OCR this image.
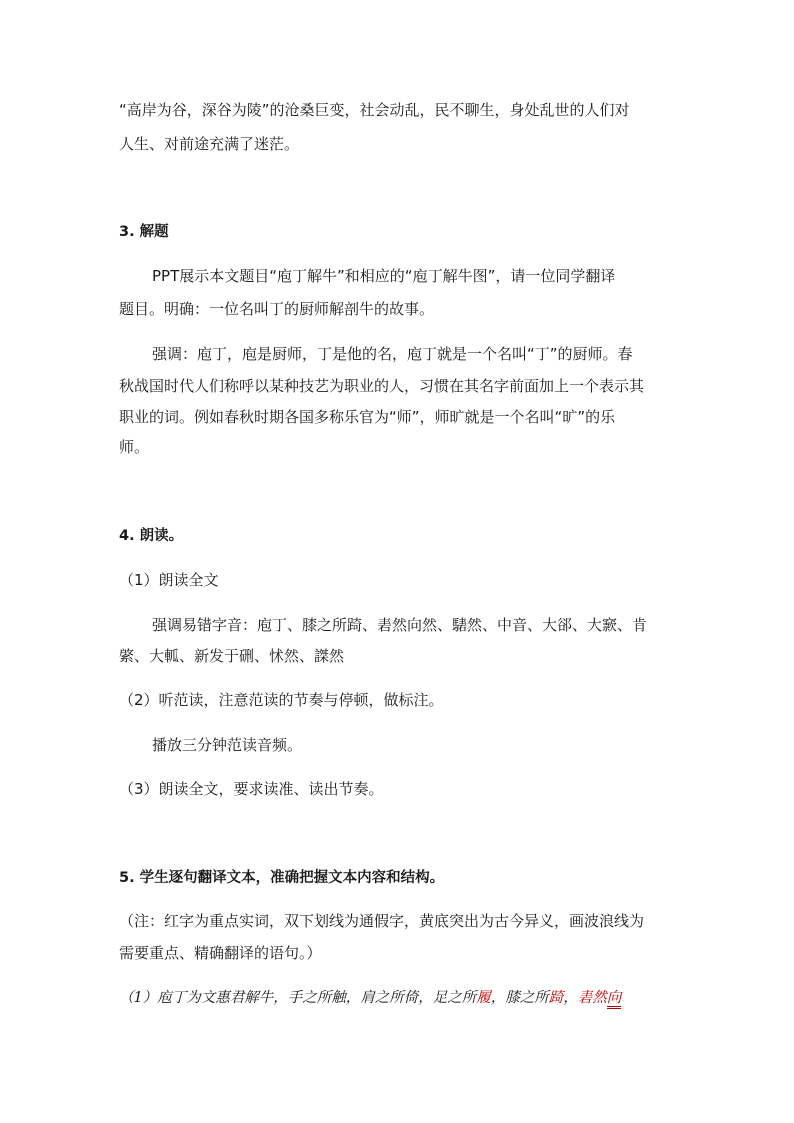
“高岸为谷，深谷为陵”的沧桑巨变，社会动乱，民不聊生，身处乱世的人们对
人生、对前途充满了迷茫。
3. 解题
PPT展示本文题目“庖丁解牛”和相应的“庖丁解牛图”，请一位同学翻译
题目。明确：一位名叫丁的厨师解剖牛的故事。
强调：庖丁，庖是厨师，丁是他的名，庖丁就是一个名叫“丁”的厨师。春
秋战国时代人们称呼以某种技艺为职业的人，习惯在其名字前面加上一个表示其
职业的词。例如春秋时期各国多称乐官为“师”，师旷就是一个名叫“旷”的乐
师。
4. 朗读。
（1）朗读全文
强调易错字音：庖丁、膝之所踦、砉然向然、騞然、中音、大郤、大窾、肯
綮、大軱、新发于硎、怵然、謋然
（2）听范读，注意范读的节奏与停顿，做标注。
播放三分钟范读音频。
（3）朗读全文，要求读准、读出节奏。
5. 学生逐句翻译文本，准确把握文本内容和结构。
（注：红字为重点实词，双下划线为通假字，黄底突出为古今异义，画波浪线为
需要重点、精确翻译的语句。）
（1）庖丁为文惠君解牛，手之所触，肩之所倚，足之所履，膝之所踦，砉然向
